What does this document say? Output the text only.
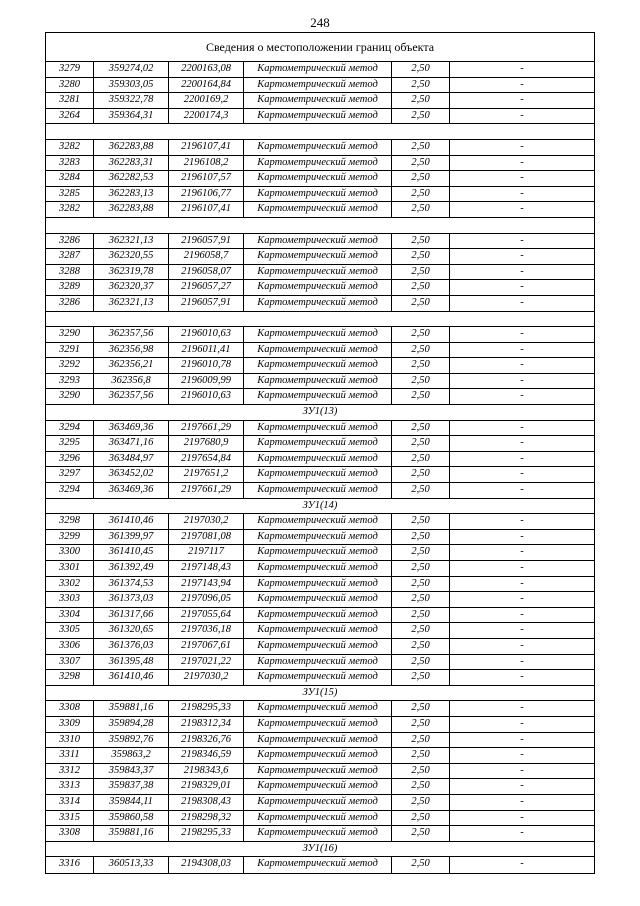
248
Сведения о местоположении границ объекта
3279	359274,02	2200163,08	Картометрический метод	2,50	-
3280	359303,05	2200164,84	Картометрический метод	2,50	-
3281	359322,78	2200169,2	Картометрический метод	2,50	-
3264	359364,31	2200174,3	Картометрический метод	2,50	-
3282	362283,88	2196107,41	Картометрический метод	2,50	-
3283	362283,31	2196108,2	Картометрический метод	2,50	-
3284	362282,53	2196107,57	Картометрический метод	2,50	-
3285	362283,13	2196106,77	Картометрический метод	2,50	-
3282	362283,88	2196107,41	Картометрический метод	2,50	-
3286	362321,13	2196057,91	Картометрический метод	2,50	-
3287	362320,55	2196058,7	Картометрический метод	2,50	-
3288	362319,78	2196058,07	Картометрический метод	2,50	-
3289	362320,37	2196057,27	Картометрический метод	2,50	-
3286	362321,13	2196057,91	Картометрический метод	2,50	-
3290	362357,56	2196010,63	Картометрический метод	2,50	-
3291	362356,98	2196011,41	Картометрический метод	2,50	-
3292	362356,21	2196010,78	Картометрический метод	2,50	-
3293	362356,8	2196009,99	Картометрический метод	2,50	-
3290	362357,56	2196010,63	Картометрический метод	2,50	-
ЗУ1(13)
3294	363469,36	2197661,29	Картометрический метод	2,50	-
3295	363471,16	2197680,9	Картометрический метод	2,50	-
3296	363484,97	2197654,84	Картометрический метод	2,50	-
3297	363452,02	2197651,2	Картометрический метод	2,50	-
3294	363469,36	2197661,29	Картометрический метод	2,50	-
ЗУ1(14)
3298	361410,46	2197030,2	Картометрический метод	2,50	-
3299	361399,97	2197081,08	Картометрический метод	2,50	-
3300	361410,45	2197117	Картометрический метод	2,50	-
3301	361392,49	2197148,43	Картометрический метод	2,50	-
3302	361374,53	2197143,94	Картометрический метод	2,50	-
3303	361373,03	2197096,05	Картометрический метод	2,50	-
3304	361317,66	2197055,64	Картометрический метод	2,50	-
3305	361320,65	2197036,18	Картометрический метод	2,50	-
3306	361376,03	2197067,61	Картометрический метод	2,50	-
3307	361395,48	2197021,22	Картометрический метод	2,50	-
3298	361410,46	2197030,2	Картометрический метод	2,50	-
ЗУ1(15)
3308	359881,16	2198295,33	Картометрический метод	2,50	-
3309	359894,28	2198312,34	Картометрический метод	2,50	-
3310	359892,76	2198326,76	Картометрический метод	2,50	-
3311	359863,2	2198346,59	Картометрический метод	2,50	-
3312	359843,37	2198343,6	Картометрический метод	2,50	-
3313	359837,38	2198329,01	Картометрический метод	2,50	-
3314	359844,11	2198308,43	Картометрический метод	2,50	-
3315	359860,58	2198298,32	Картометрический метод	2,50	-
3308	359881,16	2198295,33	Картометрический метод	2,50	-
ЗУ1(16)
3316	360513,33	2194308,03	Картометрический метод	2,50	-
